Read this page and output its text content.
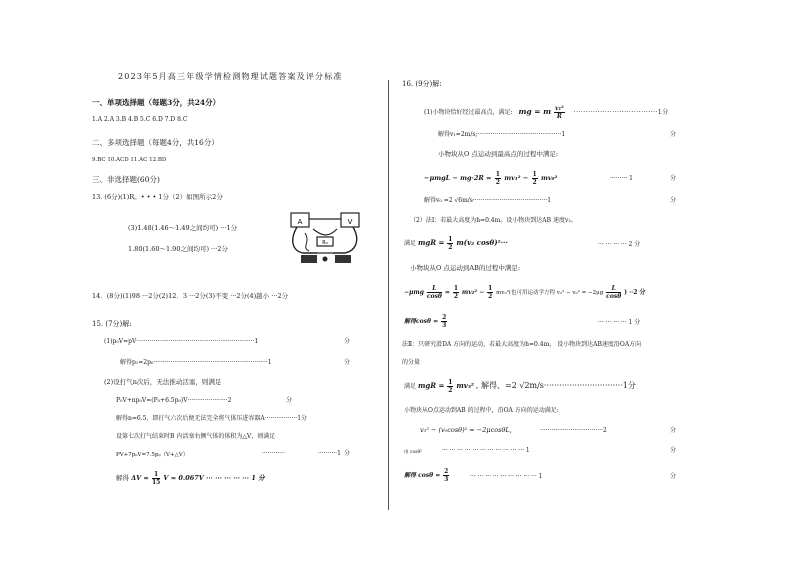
2023年5月高三年级学情检测物理试题答案及评分标准
一、单项选择题（每题3分，共24分）
1.A 2.A 3.B 4.B 5.C 6.D 7.D 8.C
二、多项选择题（每题4分，共16分）
9.BC 10.ACD 11.AC 12.BD
三、非选择题(60分)
13. (6分)(1)R。• • • 1分（2）如图所示2分
(3)1.48(1.46～1.49之间均可) ···1分
1.80(1.60～1.90之间均可) ···2分
A	V
R₀
14．(8分)(1)98 ···2分(2)12．3 ···2分(3)不变 ···2分(4)越小 ···2分
15. (7分)解:
(1)p₀V=pV······························································1	分
解得p₁=2p₀····························································1	分
(2)设打气n次后，无法推动活塞，则满足
P₀V+np₀V=(P₀+6.5p₀)V·····················2	分
解得n=6.5，即打气六次后便无法完全将气体压进容器A·················1分
设第七次打气结束时B 内活塞右侧气体的体积为△V，则满足
PV+7p₀V=7.5p₀（V+△V）	············	··········1 分
解得 $\Delta V = \frac{1}{15}$ V = 0.067V ··· ··· ··· ··· ··· 1 分
16. (9分)解:
(1)小物块恰好经过最高点，满足: mg = m $\frac{\text{v₁²}}{R} \cdot\cdot\cdot\cdot\cdot\cdot\cdot\cdot\cdot\cdot\cdot\cdot\cdot\cdot\cdot\cdot\cdot\cdot\cdot\cdot\cdot\cdot\cdot\cdot\cdot\cdot\cdot\cdot\cdot\cdot\cdot\cdot\cdot\cdot\cdot 1$分
解得v₁=2m/s;············································1	分
小物块从O 点运动到最高点的过程中满足:
$-\mu mgL - mg\cdot 2R = \frac{1}{2} mv_1^2 - \frac{1}{2} mv_0^2$	········· 1	分
解得v₀ =2 √6m/s·······································1	分
（2）法Ⅰ：若最大高度为h=0.4m。设小物块到达AB 速度v₂。
满足 mgR = $\frac{1}{2} m(v_2$ cosθ)²···	··· ··· ··· ··· 2 分
小物块从O 点运动到AB的过程中满足:
$-\mu mg \frac{L}{\cos\theta} = \frac{1}{2} mv_2^2 - \frac{1}{2} mv_0^2$(也可用运动学方程 $v_2^2 - v_0^2 = -2\mu g \frac{L}{\cos\theta}$ ) ··2 分
解得$\cos\theta = \frac{2}{3}$	··· ··· ··· ··· 1 分
法Ⅱ：只研究滑DA 方向的运动，若最大高度为h=0.4m， 设小物块到达AB速度沿OA方向
的分量
满足 mgR = $\frac{1}{2} mv_3^2$ , 解得、=2 √2m/s·······························1分
小物块从O点运动到AB 的过程中，沿OA 方向的运动满足:
v₃² − (v₀cosθ)² = −2μcosθL,	·································2	分
由 cosθ²	··· ··· ··· ··· ··· ··· ··· ··· ··· ··· ··· 1	分
解得 $\cos\theta = \frac{2}{3}$	··· ··· ··· ··· ··· ··· ··· ··· ··· 1	分
